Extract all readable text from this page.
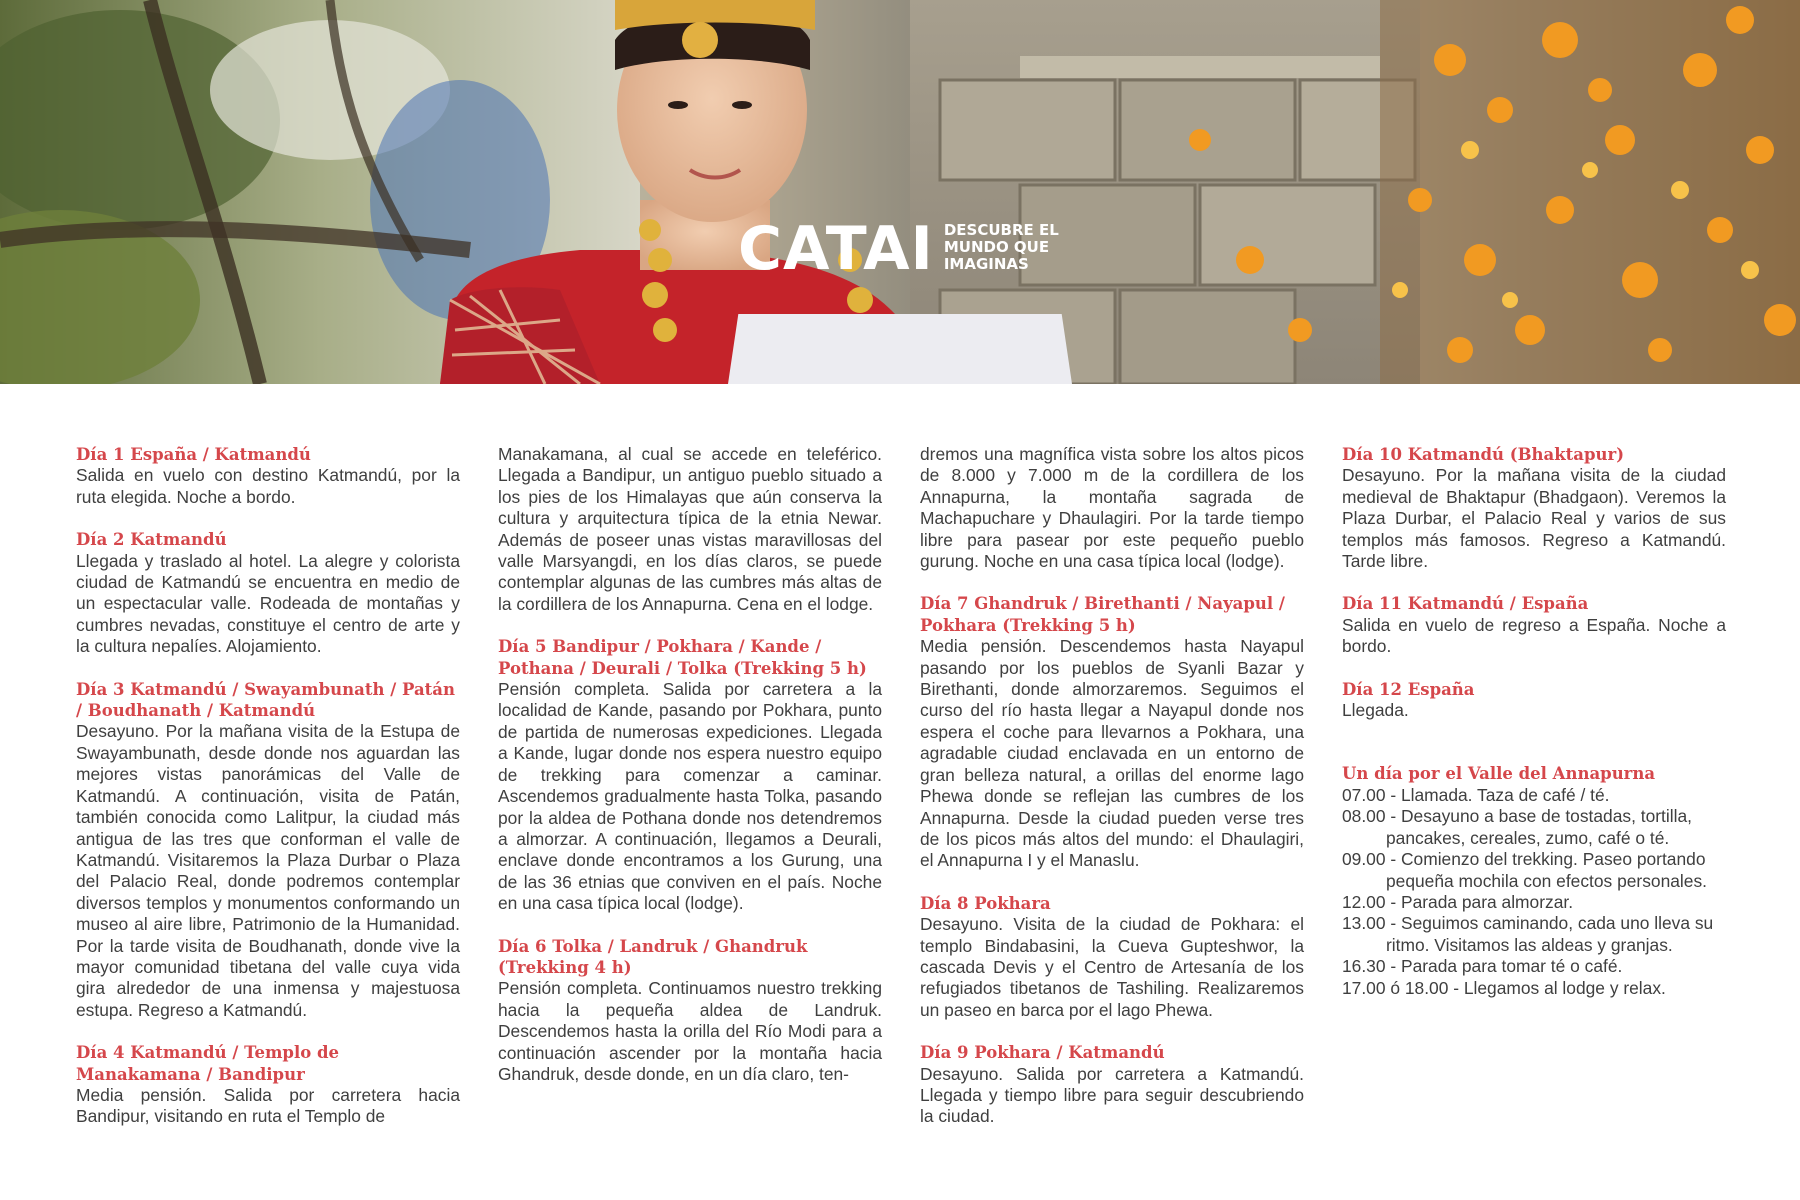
CATAI DESCUBRE EL MUNDO QUE IMAGINAS

Día 1 España / Katmandú

Salida en vuelo con destino Katmandú, por la ruta elegida. Noche a bordo.

Día 2 Katmandú

Llegada y traslado al hotel. La alegre y colorista ciudad de Katmandú se encuentra en medio de un espectacular valle. Rodeada de montañas y cumbres nevadas, constituye el centro de arte y la cultura nepalíes. Alojamiento.

Día 3 Katmandú / Swayambunath / Patán / Boudhanath / Katmandú

Desayuno. Por la mañana visita de la Estupa de Swayambunath, desde donde nos aguardan las mejores vistas panorámicas del Valle de Katmandú. A continuación, visita de Patán, también conocida como Lalitpur, la ciudad más antigua de las tres que conforman el valle de Katmandú. Visitaremos la Plaza Durbar o Plaza del Palacio Real, donde podremos contemplar diversos templos y monumentos conformando un museo al aire libre, Patrimonio de la Humanidad. Por la tarde visita de Boudhanath, donde vive la mayor comunidad tibetana del valle cuya vida gira alrededor de una inmensa y majestuosa estupa. Regreso a Katmandú.

Día 4 Katmandú / Templo de Manakamana / Bandipur

Media pensión. Salida por carretera hacia Bandipur, visitando en ruta el Templo de

Manakamana, al cual se accede en teleférico. Llegada a Bandipur, un antiguo pueblo situado a los pies de los Himalayas que aún conserva la cultura y arquitectura típica de la etnia Newar. Además de poseer unas vistas maravillosas del valle Marsyangdi, en los días claros, se puede contemplar algunas de las cumbres más altas de la cordillera de los Annapurna. Cena en el lodge.

Día 5 Bandipur / Pokhara / Kande / Pothana / Deurali / Tolka (Trekking 5 h)

Pensión completa. Salida por carretera a la localidad de Kande, pasando por Pokhara, punto de partida de numerosas expediciones. Llegada a Kande, lugar donde nos espera nuestro equipo de trekking para comenzar a caminar. Ascendemos gradualmente hasta Tolka, pasando por la aldea de Pothana donde nos detendremos a almorzar. A continuación, llegamos a Deurali, enclave donde encontramos a los Gurung, una de las 36 etnias que conviven en el país. Noche en una casa típica local (lodge).

Día 6 Tolka / Landruk / Ghandruk (Trekking 4 h)

Pensión completa. Continuamos nuestro trekking hacia la pequeña aldea de Landruk. Descendemos hasta la orilla del Río Modi para a continuación ascender por la montaña hacia Ghandruk, desde donde, en un día claro, ten-

dremos una magnífica vista sobre los altos picos de 8.000 y 7.000 m de la cordillera de los Annapurna, la montaña sagrada de Machapuchare y Dhaulagiri. Por la tarde tiempo libre para pasear por este pequeño pueblo gurung. Noche en una casa típica local (lodge).

Día 7 Ghandruk / Birethanti / Nayapul / Pokhara (Trekking 5 h)

Media pensión. Descendemos hasta Nayapul pasando por los pueblos de Syanli Bazar y Birethanti, donde almorzaremos. Seguimos el curso del río hasta llegar a Nayapul donde nos espera el coche para llevarnos a Pokhara, una agradable ciudad enclavada en un entorno de gran belleza natural, a orillas del enorme lago Phewa donde se reflejan las cumbres de los Annapurna. Desde la ciudad pueden verse tres de los picos más altos del mundo: el Dhaulagiri, el Annapurna I y el Manaslu.

Día 8 Pokhara

Desayuno. Visita de la ciudad de Pokhara: el templo Bindabasini, la Cueva Gupteshwor, la cascada Devis y el Centro de Artesanía de los refugiados tibetanos de Tashiling. Realizaremos un paseo en barca por el lago Phewa.

Día 9 Pokhara / Katmandú

Desayuno. Salida por carretera a Katmandú. Llegada y tiempo libre para seguir descubriendo la ciudad.

Día 10 Katmandú (Bhaktapur)

Desayuno. Por la mañana visita de la ciudad medieval de Bhaktapur (Bhadgaon). Veremos la Plaza Durbar, el Palacio Real y varios de sus templos más famosos. Regreso a Katmandú. Tarde libre.

Día 11 Katmandú / España

Salida en vuelo de regreso a España. Noche a bordo.

Día 12 España

Llegada.

Un día por el Valle del Annapurna

07.00 - Llamada. Taza de café / té.

08.00 - Desayuno a base de tostadas, tortilla, pancakes, cereales, zumo, café o té.

09.00 - Comienzo del trekking. Paseo portando pequeña mochila con efectos personales.

12.00 - Parada para almorzar.

13.00 - Seguimos caminando, cada uno lleva su ritmo. Visitamos las aldeas y granjas.

16.30 - Parada para tomar té o café.

17.00 ó 18.00 - Llegamos al lodge y relax.
